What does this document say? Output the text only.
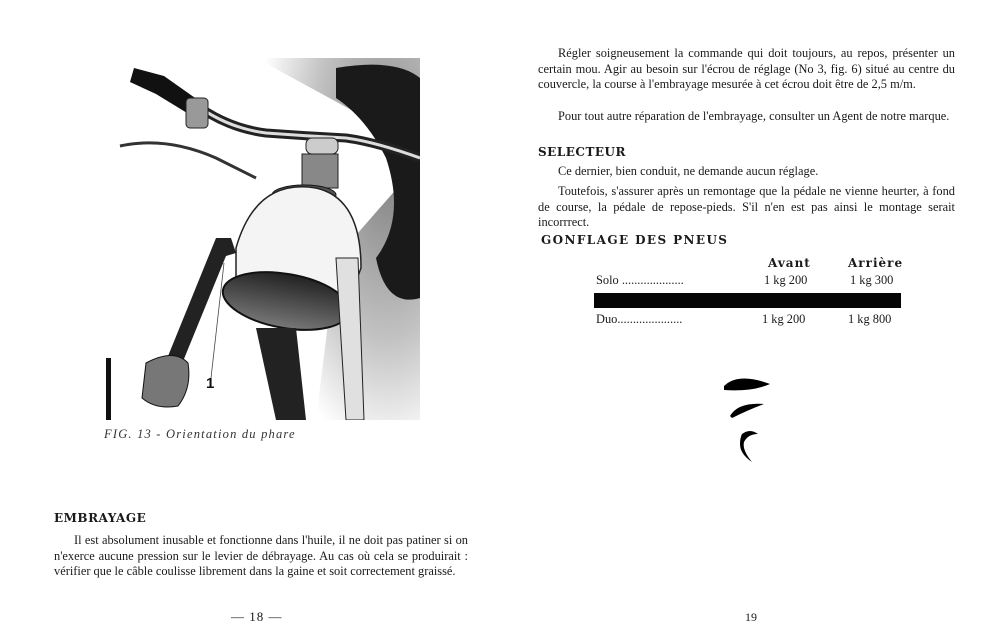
1
FIG. 13 - Orientation du phare
EMBRAYAGE

Il est absolument inusable et fonctionne dans l'huile, il ne doit pas patiner si on n'exerce aucune pression sur le levier de débrayage. Au cas où cela se produirait : vérifier que le câble coulisse librement dans la gaine et soit correctement graissé.

— 18 —

Régler soigneusement la commande qui doit toujours, au repos, présenter un certain mou. Agir au besoin sur l'écrou de réglage (No 3, fig. 6) situé au centre du couvercle, la course à l'embrayage mesurée à cet écrou doit être de 2,5 m/m.

Pour tout autre réparation de l'embrayage, consulter un Agent de notre marque.

SELECTEUR

Ce dernier, bien conduit, ne demande aucun réglage.

Toutefois, s'assurer après un remontage que la pédale ne vienne heurter, à fond de course, la pédale de repose-pieds. S'il n'en est pas ainsi le montage serait incorrrect.

GONFLAGE DES PNEUS
Avant	Arrière
Solo ....................	1 kg 200	1 kg 300
Duo.....................	1 kg 200	1 kg 800
19
